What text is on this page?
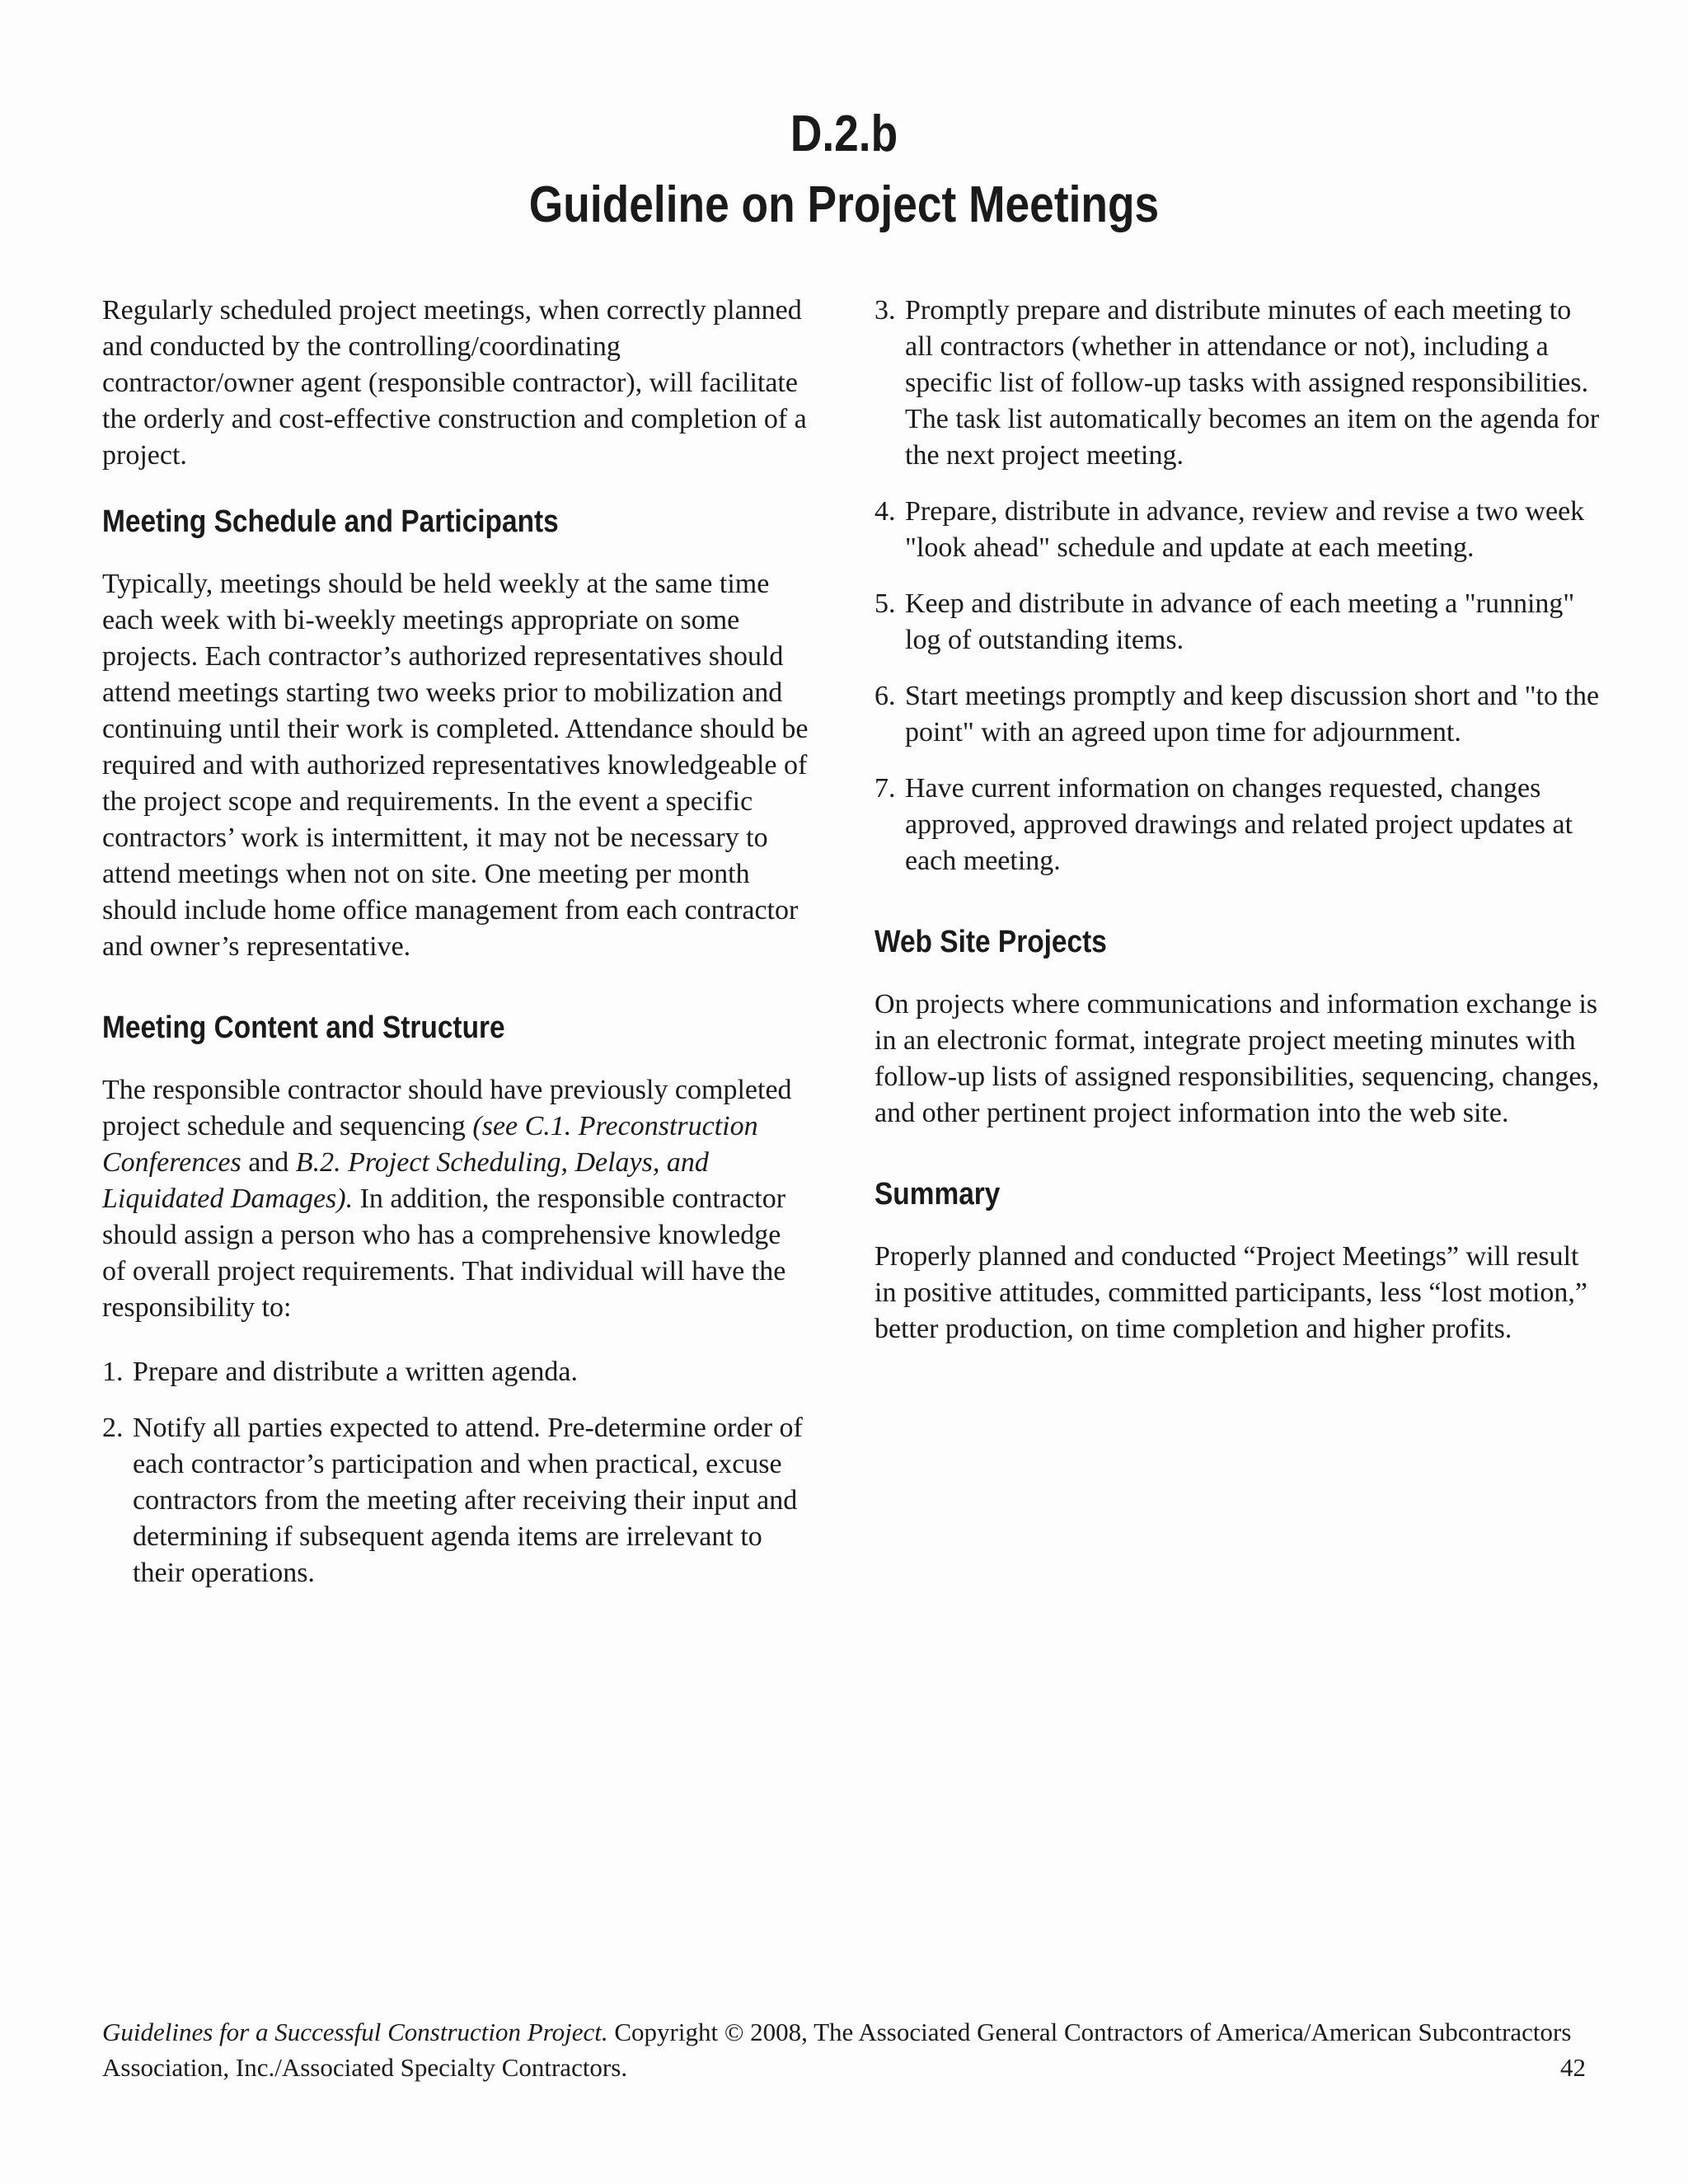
D.2.b
Guideline on Project Meetings

Regularly scheduled project meetings, when correctly planned and conducted by the controlling/coordinating contractor/owner agent (responsible contractor), will facilitate the orderly and cost-effective construction and completion of a project.

Meeting Schedule and Participants

Typically, meetings should be held weekly at the same time each week with bi-weekly meetings appropriate on some projects. Each contractor’s authorized representatives should attend meetings starting two weeks prior to mobilization and continuing until their work is completed. Attendance should be required and with authorized representatives knowledgeable of the project scope and requirements. In the event a specific contractors’ work is intermittent, it may not be necessary to attend meetings when not on site. One meeting per month should include home office management from each contractor and owner’s representative.

Meeting Content and Structure

The responsible contractor should have previously completed project schedule and sequencing (see C.1. Preconstruction Conferences and B.2. Project Scheduling, Delays, and Liquidated Damages). In addition, the responsible contractor should assign a person who has a comprehensive knowledge of overall project requirements. That individual will have the responsibility to:

1. Prepare and distribute a written agenda.
2. Notify all parties expected to attend. Pre-determine order of each contractor’s participation and when practical, excuse contractors from the meeting after receiving their input and determining if subsequent agenda items are irrelevant to their operations.
3. Promptly prepare and distribute minutes of each meeting to all contractors (whether in attendance or not), including a specific list of follow-up tasks with assigned responsibilities. The task list automatically becomes an item on the agenda for the next project meeting.
4. Prepare, distribute in advance, review and revise a two week "look ahead" schedule and update at each meeting.
5. Keep and distribute in advance of each meeting a "running" log of outstanding items.
6. Start meetings promptly and keep discussion short and "to the point" with an agreed upon time for adjournment.
7. Have current information on changes requested, changes approved, approved drawings and related project updates at each meeting.
Web Site Projects

On projects where communications and information exchange is in an electronic format, integrate project meeting minutes with follow-up lists of assigned responsibilities, sequencing, changes, and other pertinent project information into the web site.

Summary

Properly planned and conducted “Project Meetings” will result in positive attitudes, committed participants, less “lost motion,” better production, on time completion and higher profits.

Guidelines for a Successful Construction Project. Copyright © 2008, The Associated General Contractors of America/American Subcontractors Association, Inc./Associated Specialty Contractors.	42
